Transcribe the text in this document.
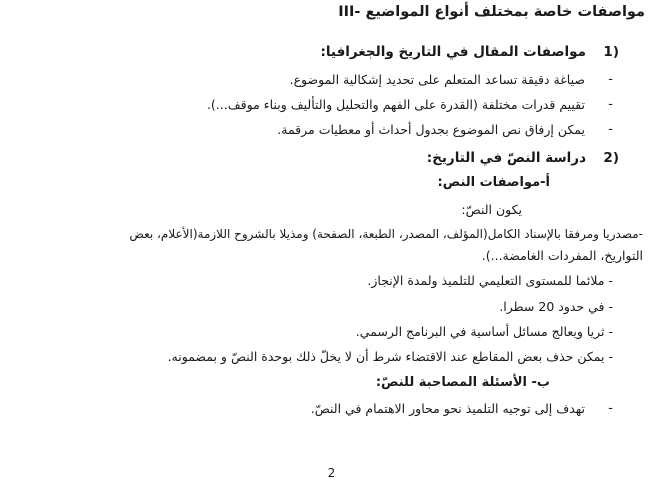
III- مواصفات خاصة بمختلف أنواع المواضيع
1)
مواصفات المقال في التاريخ والجغرافيا:
-
صياغة دقيقة تساعد المتعلم على تحديد إشكالية الموضوع.
-
تقييم قدرات مختلفة (القدرة على الفهم والتحليل والتأليف وبناء موقف...).
-
يمكن إرفاق نص الموضوع بجدول أحداث أو معطيات مرقمة.
2)
دراسة النصّ في التاريخ:
أ-مواصفات النص:
يكون النصّ:
-مصدريا ومرفقا بالإسناد الكامل(المؤلف، المصدر، الطبعة، الصفحة) ومذيلا بالشروح اللازمة(الأعلام، بعض
التواريخ، المفردات الغامضة...).
- ملائما للمستوى التعليمي للتلميذ ولمدة الإنجاز.
- في حدود 20 سطرا.
- ثريا ويعالج مسائل أساسية في البرنامج الرسمي.
- يمكن حذف بعض المقاطع عند الاقتضاء شرط أن لا يخلّ ذلك بوحدة النصّ و بمضمونه.
ب- الأسئلة المصاحبة للنصّ:
-
تهدف إلى توجيه التلميذ نحو محاور الاهتمام في النصّ.
2
